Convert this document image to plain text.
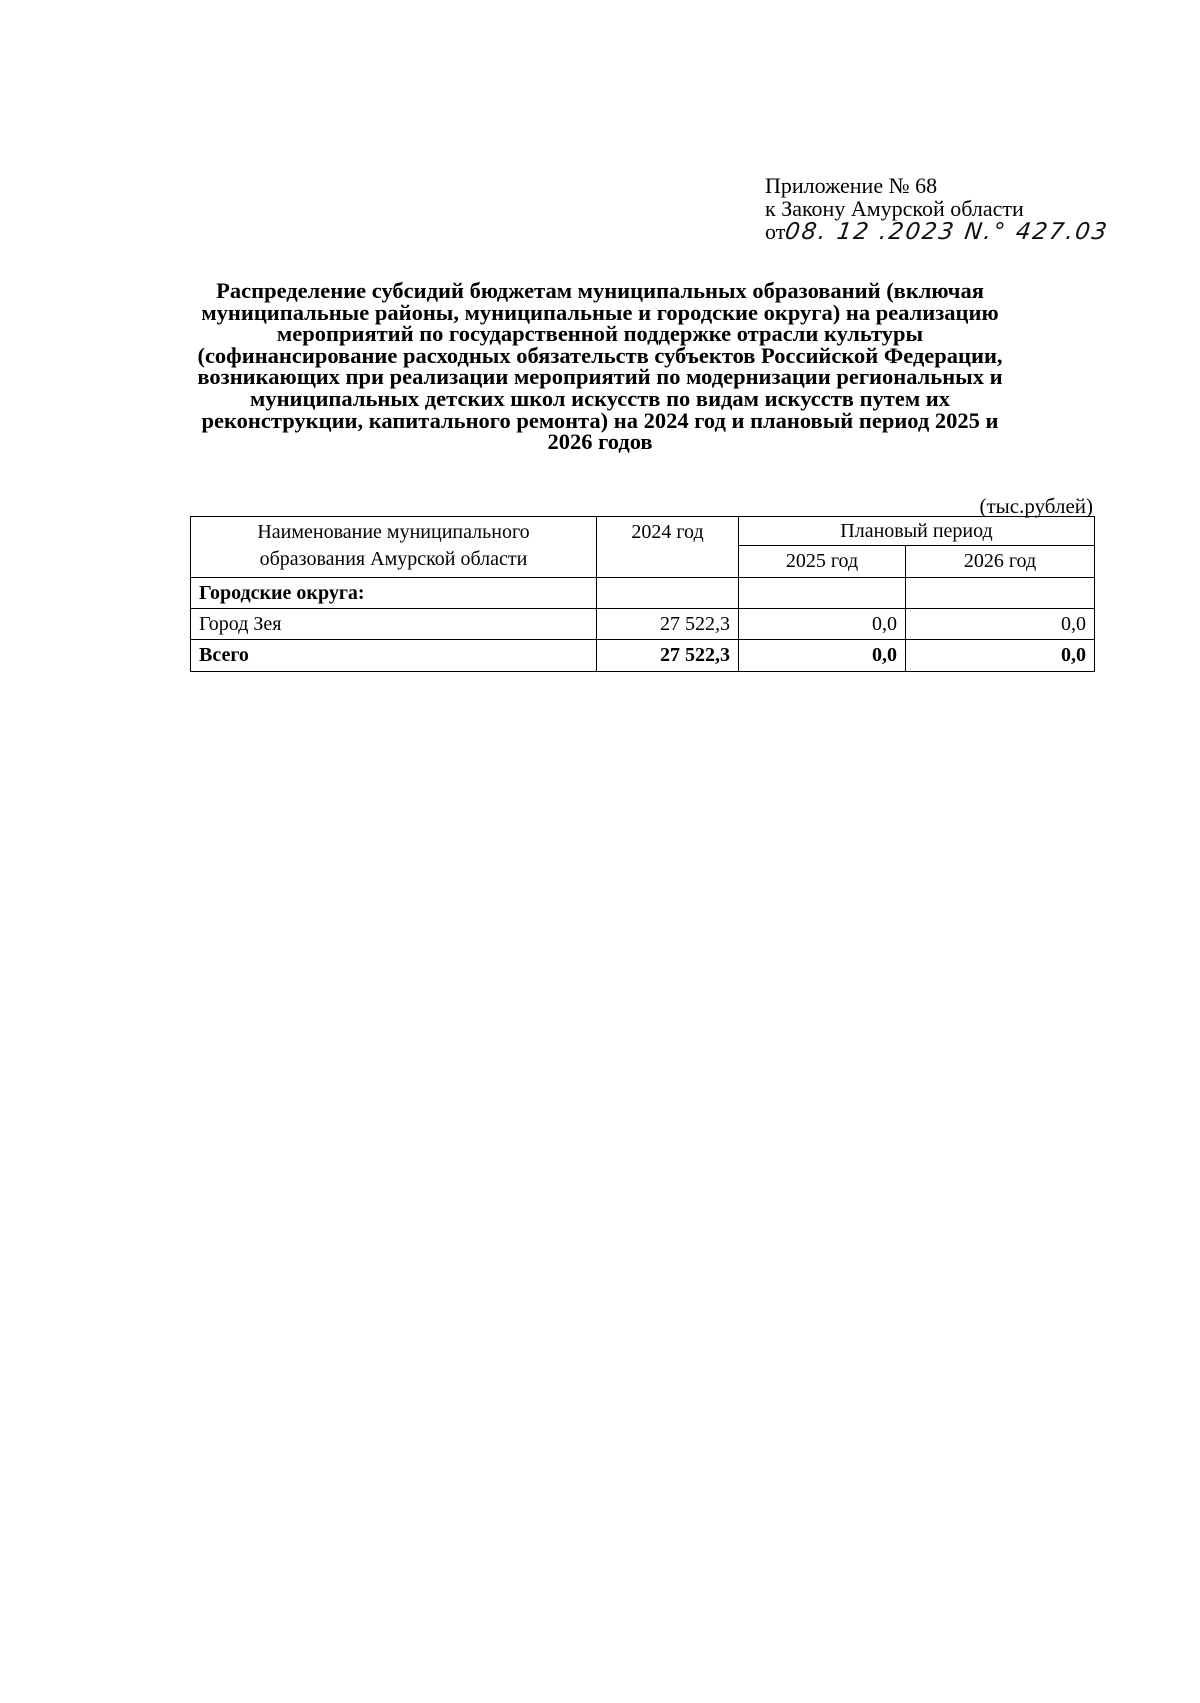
Приложение № 68
к Закону Амурской области
от08. 12 .2023 N.° 427.03
Распределение субсидий бюджетам муниципальных образований (включая муниципальные районы, муниципальные и городские округа) на реализацию мероприятий по государственной поддержке отрасли культуры (софинансирование расходных обязательств субъектов Российской Федерации, возникающих при реализации мероприятий по модернизации региональных и муниципальных детских школ искусств по видам искусств путем их реконструкции, капитального ремонта) на 2024 год и плановый период 2025 и 2026 годов
(тыс.рублей)
Наименование муниципального
образования Амурской области	2024 год	Плановый период	
		2025 год	2026 год
Городские округа:			
Город Зея	27 522,3	0,0	0,0
Всего	27 522,3	0,0	0,0
